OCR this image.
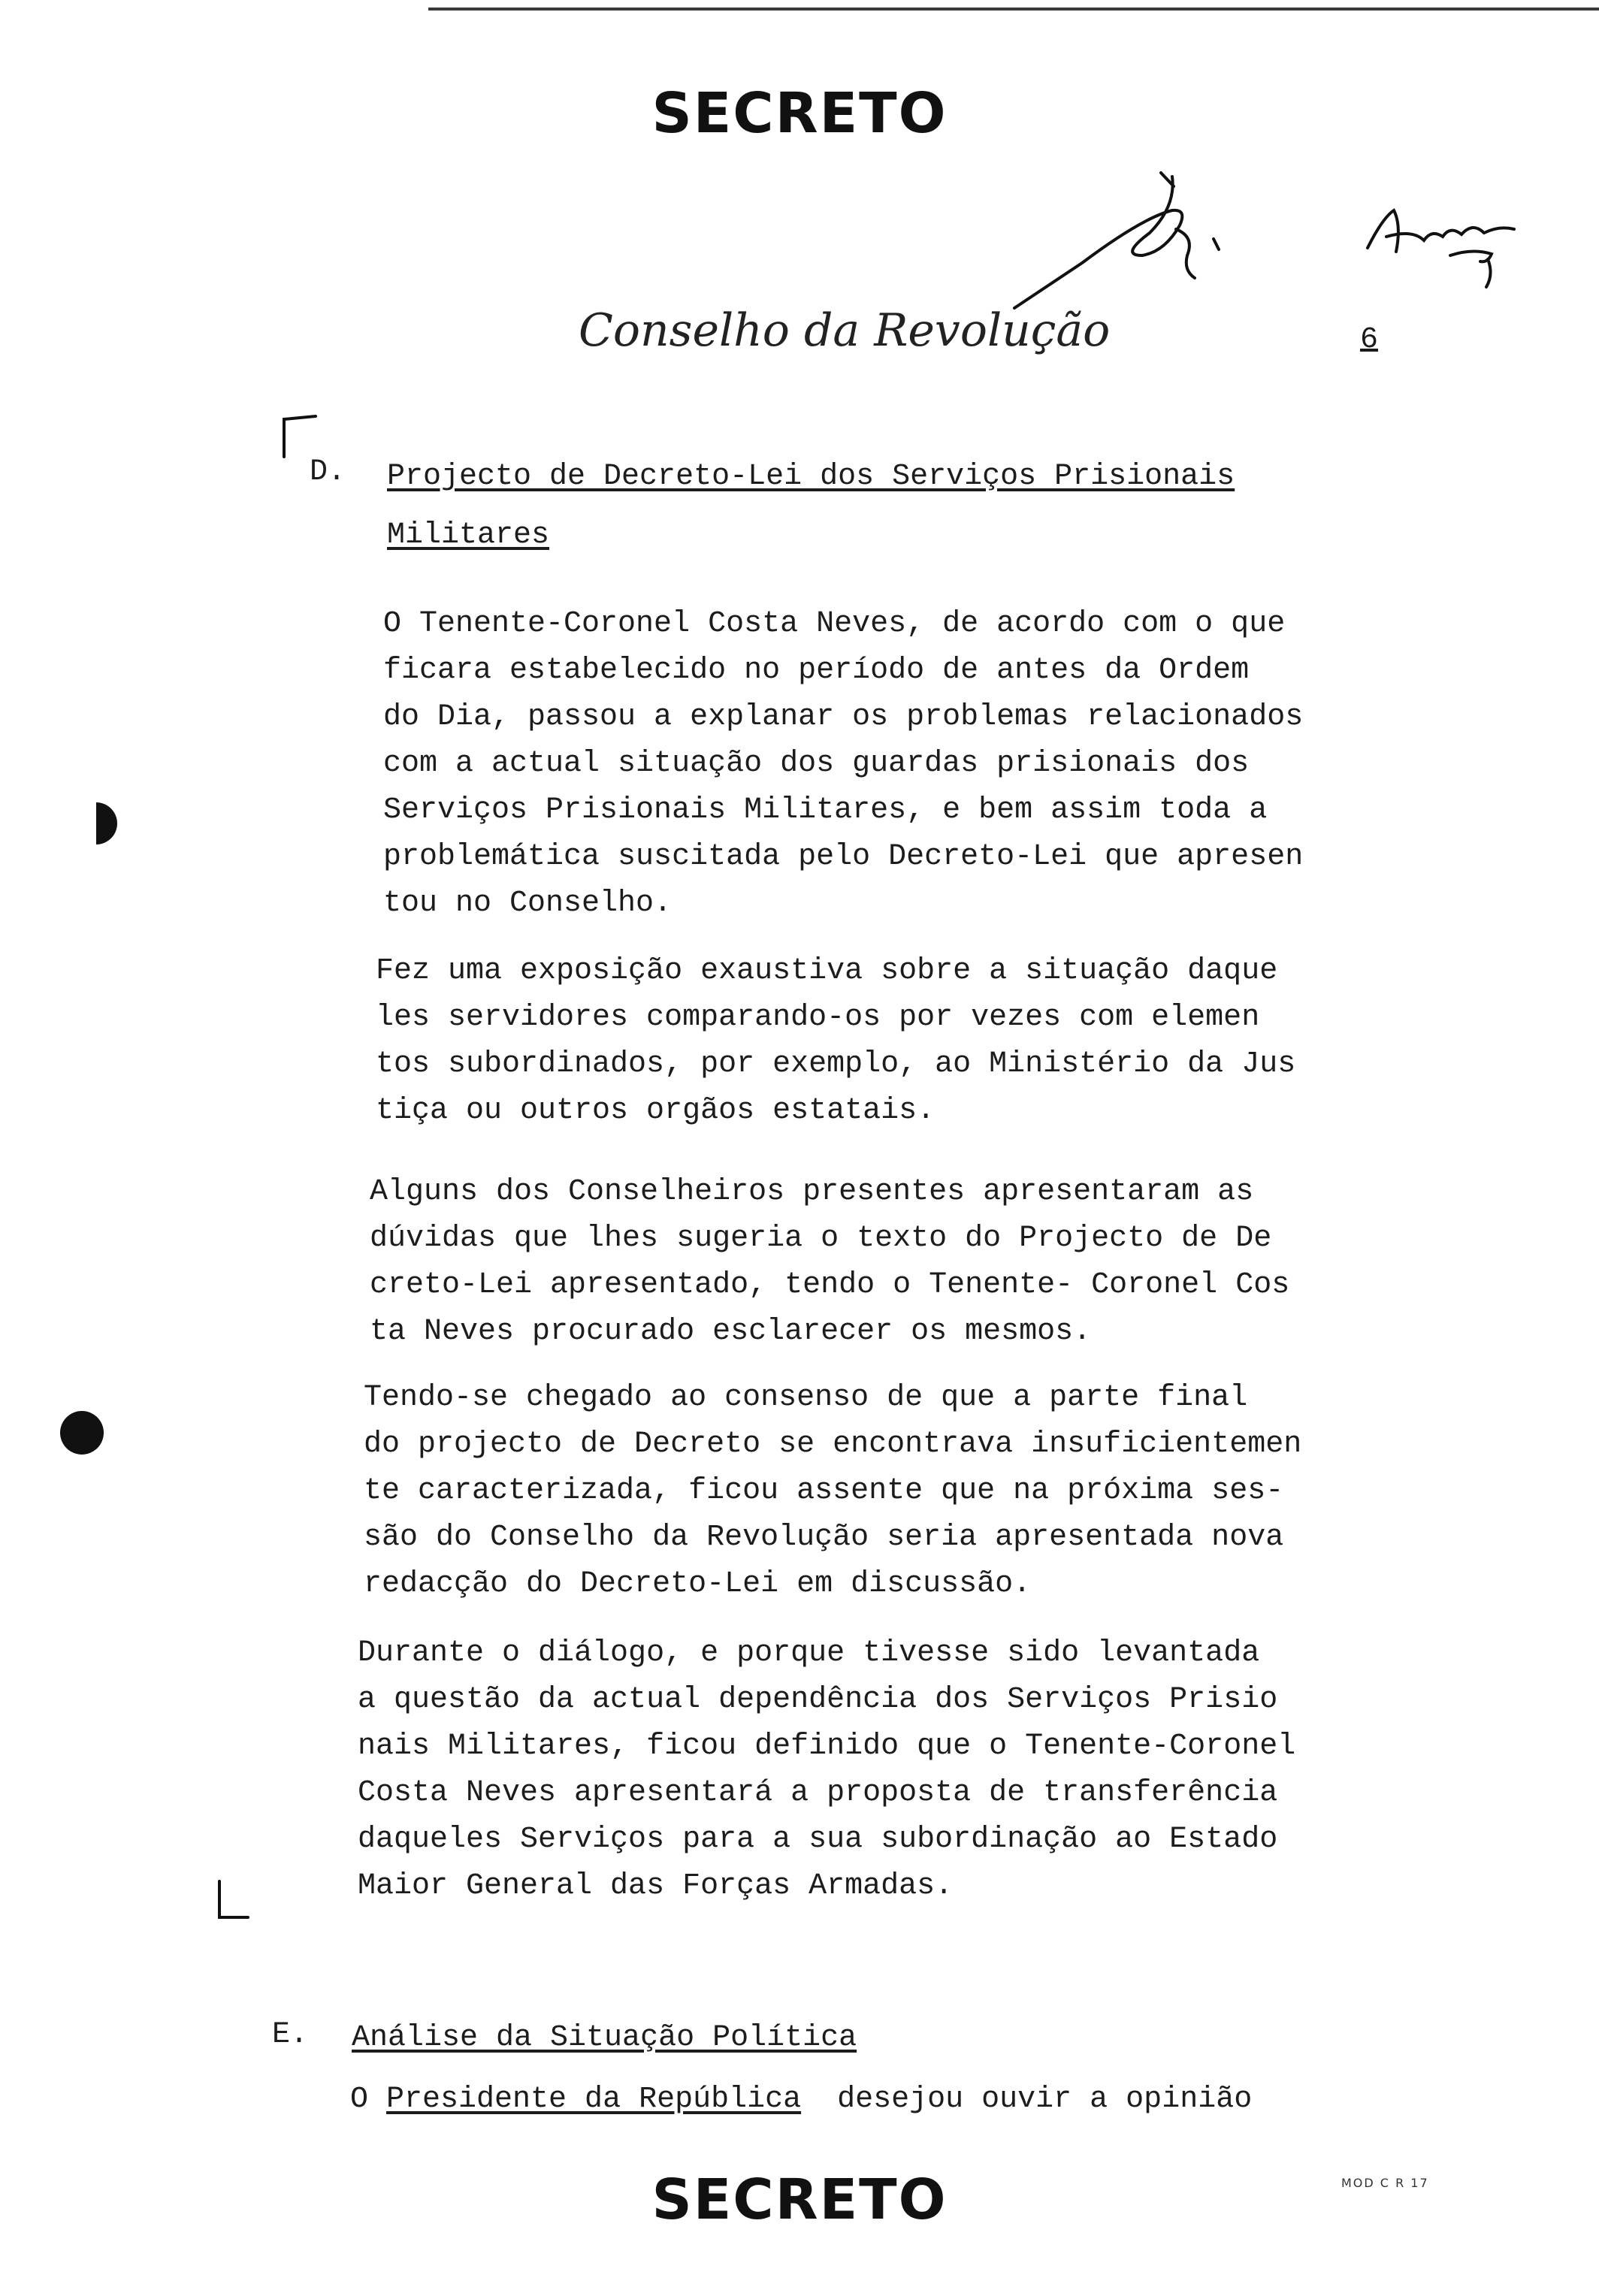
SECRETO
Conselho da Revolução	6
D. Projecto de Decreto-Lei dos Serviços Prisionais
Militares
O Tenente-Coronel Costa Neves, de acordo com o que
ficara estabelecido no período de antes da Ordem
do Dia, passou a explanar os problemas relacionados
com a actual situação dos guardas prisionais dos
Serviços Prisionais Militares, e bem assim toda a
problemática suscitada pelo Decreto-Lei que apresen
tou no Conselho.
Fez uma exposição exaustiva sobre a situação daque
les servidores comparando-os por vezes com elemen
tos subordinados, por exemplo, ao Ministério da Jus
tiça ou outros orgãos estatais.
Alguns dos Conselheiros presentes apresentaram as
dúvidas que lhes sugeria o texto do Projecto de De
creto-Lei apresentado, tendo o Tenente- Coronel Cos
ta Neves procurado esclarecer os mesmos.
Tendo-se chegado ao consenso de que a parte final
do projecto de Decreto se encontrava insuficientemen
te caracterizada, ficou assente que na próxima ses-
são do Conselho da Revolução seria apresentada nova
redacção do Decreto-Lei em discussão.
Durante o diálogo, e porque tivesse sido levantada
a questão da actual dependência dos Serviços Prisio
nais Militares, ficou definido que o Tenente-Coronel
Costa Neves apresentará a proposta de transferência
daqueles Serviços para a sua subordinação ao Estado
Maior General das Forças Armadas.
E. Análise da Situação Política
O Presidente da República  desejou ouvir a opinião
SECRETO	MOD C R 17
